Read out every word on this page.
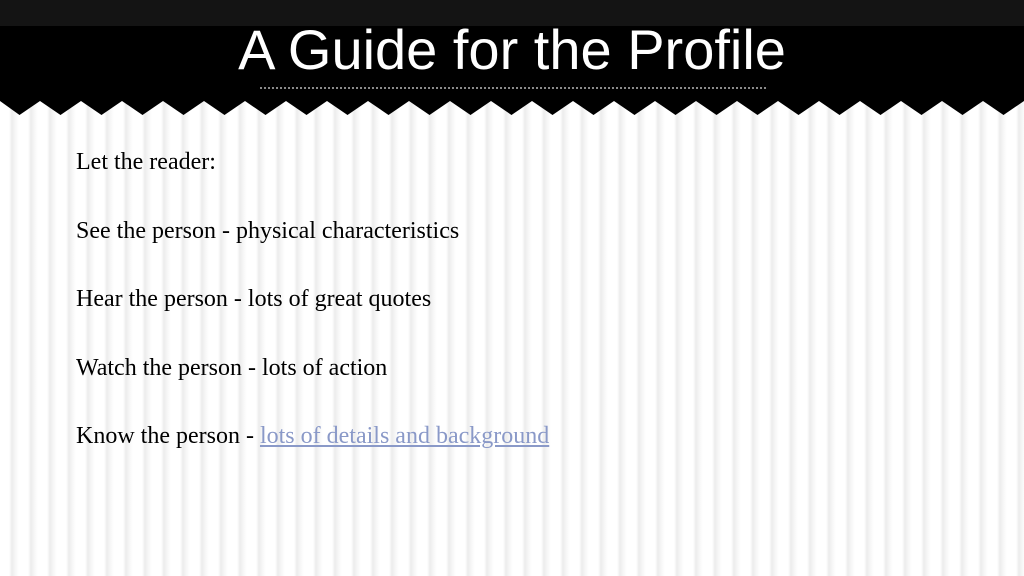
A Guide for the Profile

Let the reader:

See the person - physical characteristics

Hear the person - lots of great quotes

Watch the person - lots of action

Know the person - lots of details and background
